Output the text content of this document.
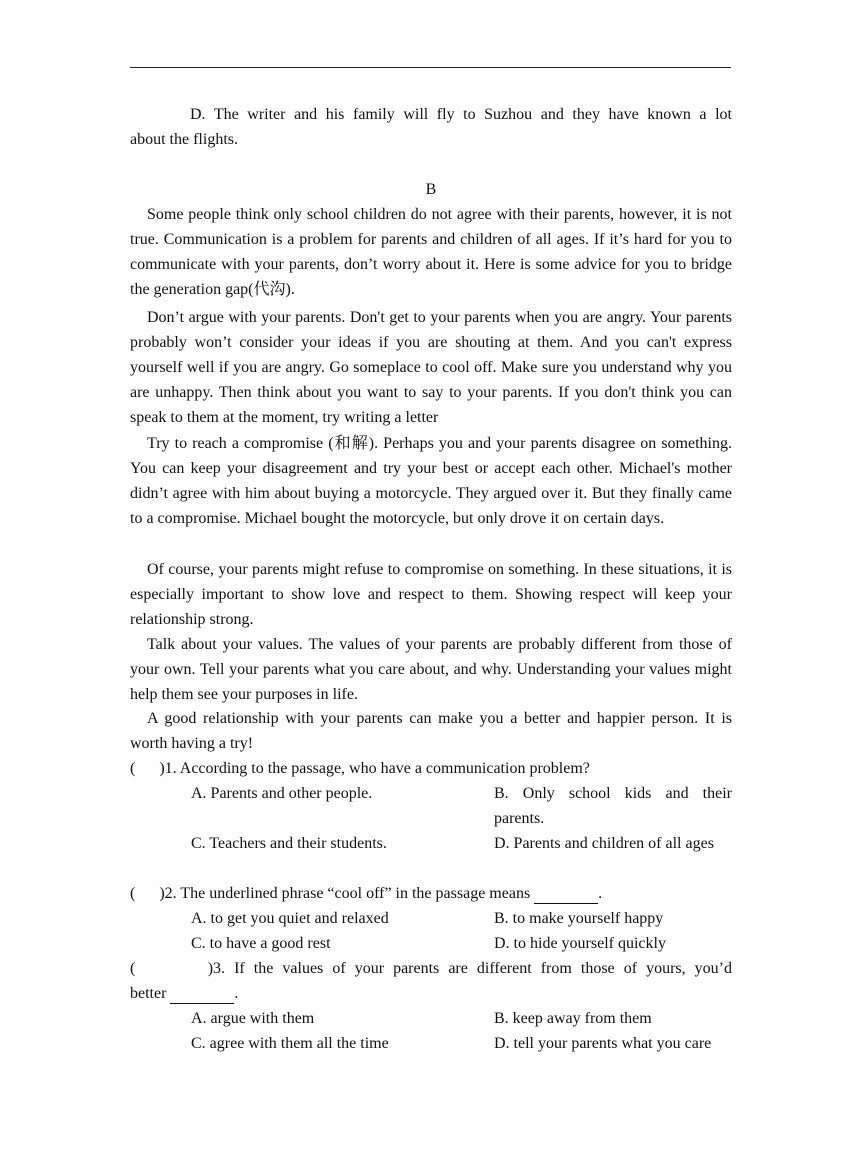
D. The writer and his family will fly to Suzhou and they have known a lot
about the flights.
B
Some people think only school children do not agree with their parents, however, it is not true. Communication is a problem for parents and children of all ages. If it’s hard for you to communicate with your parents, don’t worry about it. Here is some advice for you to bridge the generation gap(代沟).
Don’t argue with your parents. Don't get to your parents when you are angry. Your parents probably won’t consider your ideas if you are shouting at them. And you can't express yourself well if you are angry. Go someplace to cool off. Make sure you understand why you are unhappy. Then think about you want to say to your parents. If you don't think you can speak to them at the moment, try writing a letter
Try to reach a compromise (和解). Perhaps you and your parents disagree on something. You can keep your disagreement and try your best or accept each other. Michael's mother didn’t agree with him about buying a motorcycle. They argued over it. But they finally came to a compromise. Michael bought the motorcycle, but only drove it on certain days.
Of course, your parents might refuse to compromise on something. In these situations, it is especially important to show love and respect to them. Showing respect will keep your relationship strong.
Talk about your values. The values of your parents are probably different from those of your own. Tell your parents what you care about, and why. Understanding your values might help them see your purposes in life.
A good relationship with your parents can make you a better and happier person. It is worth having a try!
(      )1. According to the passage, who have a communication problem?
A. Parents and other people.	B. Only school kids and their parents.
C. Teachers and their students.	D. Parents and children of all ages
(      )2. The underlined phrase “cool off” in the passage means	.
A. to get you quiet and relaxed	B. to make yourself happy
C. to have a good rest	D. to hide yourself quickly
(        )3. If the values of your parents are different from those of yours, you’d
better	.
A. argue with them	B. keep away from them
C. agree with them all the time	D. tell your parents what you care
